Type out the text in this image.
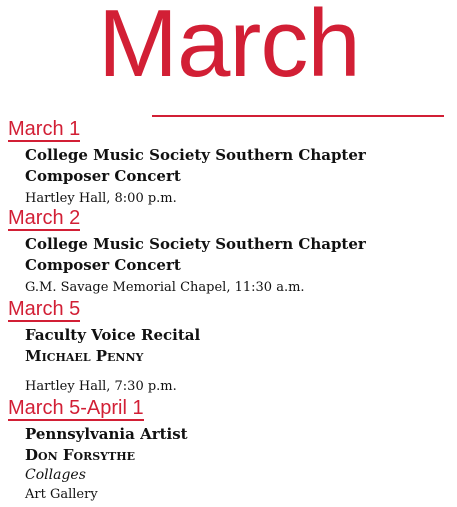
March
March 1
College Music Society Southern Chapter
Composer Concert
Hartley Hall, 8:00 p.m.
March 2
College Music Society Southern Chapter
Composer Concert
G.M. Savage Memorial Chapel, 11:30 a.m.
March 5
Faculty Voice Recital
Michael Penny
Hartley Hall, 7:30 p.m.
March 5-April 1
Pennsylvania Artist
Don Forsythe
Collages
Art Gallery
